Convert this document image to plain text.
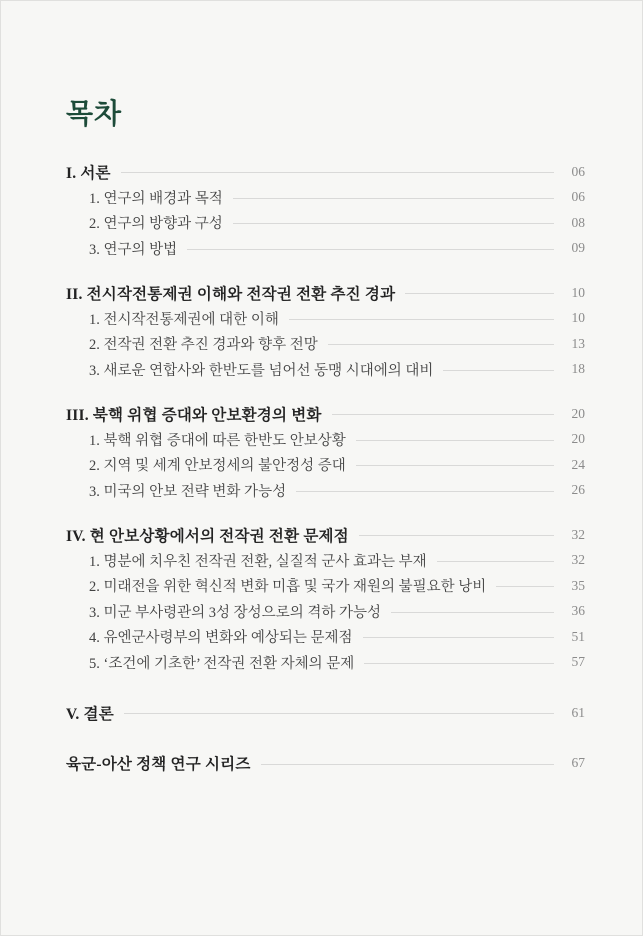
목차
I. 서론	06
1. 연구의 배경과 목적	06
2. 연구의 방향과 구성	08
3. 연구의 방법	09
II. 전시작전통제권 이해와 전작권 전환 추진 경과	10
1. 전시작전통제권에 대한 이해	10
2. 전작권 전환 추진 경과와 향후 전망	13
3. 새로운 연합사와 한반도를 넘어선 동맹 시대에의 대비	18
III. 북핵 위협 증대와 안보환경의 변화	20
1. 북핵 위협 증대에 따른 한반도 안보상황	20
2. 지역 및 세계 안보정세의 불안정성 증대	24
3. 미국의 안보 전략 변화 가능성	26
IV. 현 안보상황에서의 전작권 전환 문제점	32
1. 명분에 치우친 전작권 전환, 실질적 군사 효과는 부재	32
2. 미래전을 위한 혁신적 변화 미흡 및 국가 재원의 불필요한 낭비	35
3. 미군 부사령관의 3성 장성으로의 격하 가능성	36
4. 유엔군사령부의 변화와 예상되는 문제점	51
5. ‘조건에 기초한’ 전작권 전환 자체의 문제	57
V. 결론	61
육군-아산 정책 연구 시리즈	67
